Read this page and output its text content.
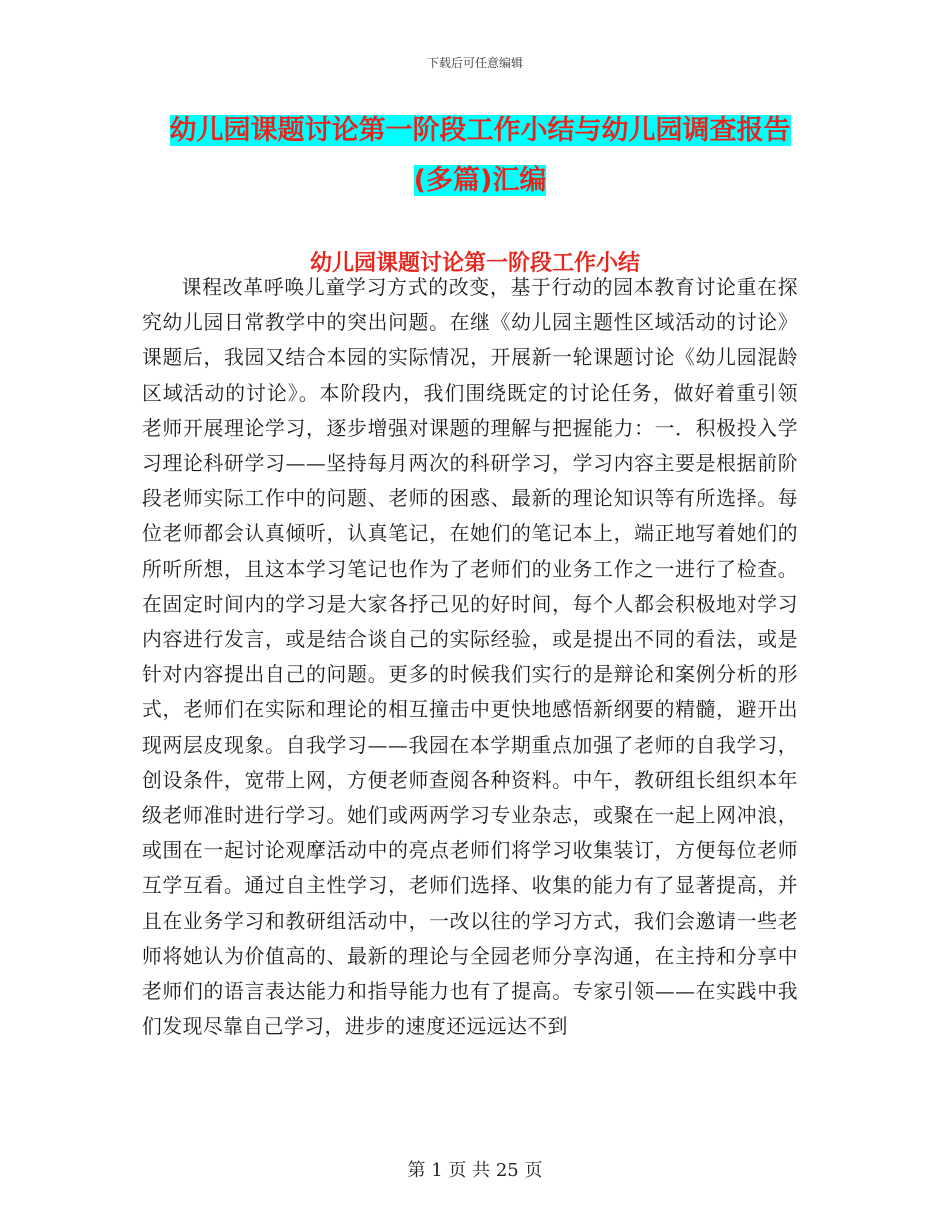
下载后可任意编辑
幼儿园课题讨论第一阶段工作小结与幼儿园调查报告
(多篇)汇编
幼儿园课题讨论第一阶段工作小结

课程改革呼唤儿童学习方式的改变，基于行动的园本教育讨论重在探究幼儿园日常教学中的突出问题。在继《幼儿园主题性区域活动的讨论》课题后，我园又结合本园的实际情况，开展新一轮课题讨论《幼儿园混龄区域活动的讨论》。本阶段内，我们围绕既定的讨论任务，做好着重引领老师开展理论学习，逐步增强对课题的理解与把握能力：一．积极投入学习理论科研学习——坚持每月两次的科研学习，学习内容主要是根据前阶段老师实际工作中的问题、老师的困惑、最新的理论知识等有所选择。每位老师都会认真倾听，认真笔记，在她们的笔记本上，端正地写着她们的所听所想，且这本学习笔记也作为了老师们的业务工作之一进行了检查。在固定时间内的学习是大家各抒己见的好时间，每个人都会积极地对学习内容进行发言，或是结合谈自己的实际经验，或是提出不同的看法，或是针对内容提出自己的问题。更多的时候我们实行的是辩论和案例分析的形式，老师们在实际和理论的相互撞击中更快地感悟新纲要的精髓，避开出现两层皮现象。自我学习——我园在本学期重点加强了老师的自我学习，创设条件，宽带上网，方便老师查阅各种资料。中午，教研组长组织本年级老师准时进行学习。她们或两两学习专业杂志，或聚在一起上网冲浪，或围在一起讨论观摩活动中的亮点老师们将学习收集装订，方便每位老师互学互看。通过自主性学习，老师们选择、收集的能力有了显著提高，并且在业务学习和教研组活动中，一改以往的学习方式，我们会邀请一些老师将她认为价值高的、最新的理论与全园老师分享沟通，在主持和分享中老师们的语言表达能力和指导能力也有了提高。专家引领——在实践中我们发现尽靠自己学习，进步的速度还远远达不到

第 1 页 共 25 页
